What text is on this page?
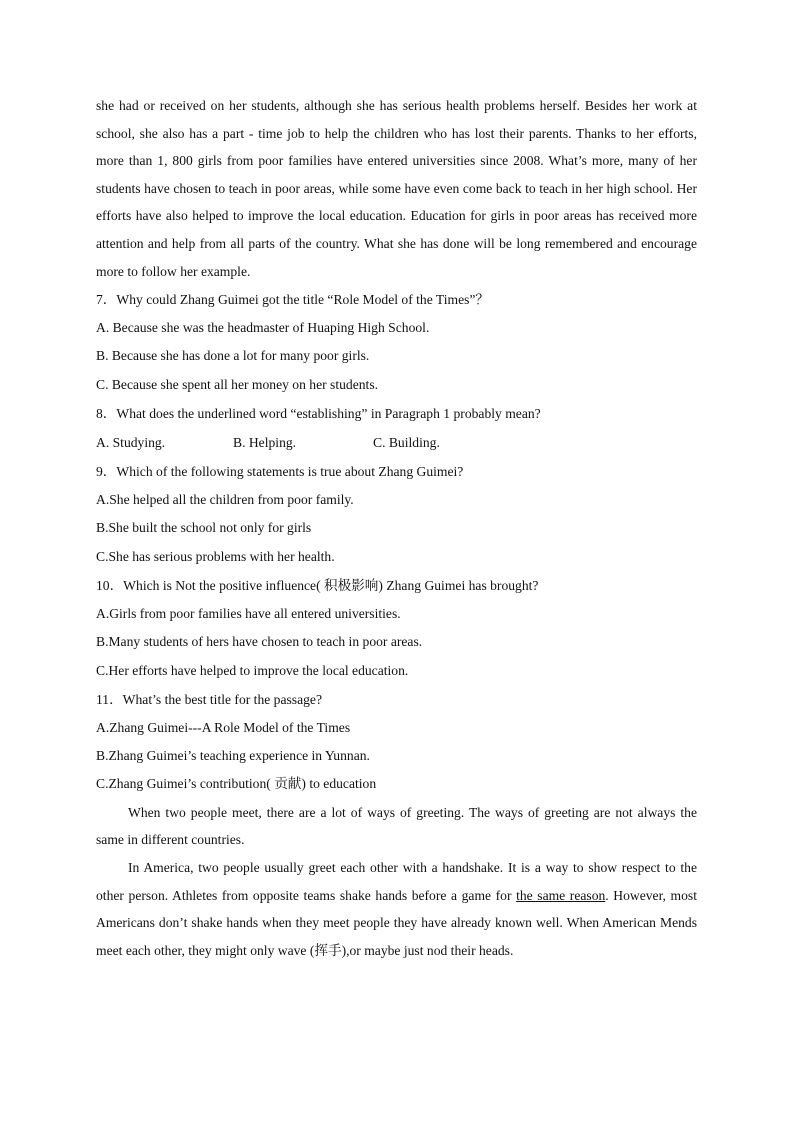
she had or received on her students, although she has serious health problems herself. Besides her work at school, she also has a part - time job to help the children who has lost their parents. Thanks to her efforts, more than 1, 800 girls from poor families have entered universities since 2008. What’s more, many of her students have chosen to teach in poor areas, while some have even come back to teach in her high school. Her efforts have also helped to improve the local education. Education for girls in poor areas has received more attention and help from all parts of the country. What she has done will be long remembered and encourage more to follow her example.

7．Why could Zhang Guimei got the title “Role Model of the Times”？

A. Because she was the headmaster of Huaping High School.

B. Because she has done a lot for many poor girls.

C. Because she spent all her money on her students.

8．What does the underlined word “establishing” in Paragraph 1 probably mean?

A. Studying.	B. Helping.	C. Building.

9．Which of the following statements is true about Zhang Guimei?

A.She helped all the children from poor family.

B.She built the school not only for girls

C.She has serious problems with her health.

10．Which is Not the positive influence( 积极影响) Zhang Guimei has brought?

A.Girls from poor families have all entered universities.

B.Many students of hers have chosen to teach in poor areas.

C.Her efforts have helped to improve the local education.

11．What’s the best title for the passage?

A.Zhang Guimei---A Role Model of the Times

B.Zhang Guimei’s teaching experience in Yunnan.

C.Zhang Guimei’s contribution( 贡献) to education

When two people meet, there are a lot of ways of greeting. The ways of greeting are not always the same in different countries.

In America, two people usually greet each other with a handshake. It is a way to show respect to the other person. Athletes from opposite teams shake hands before a game for the same reason. However, most Americans don’t shake hands when they meet people they have already known well. When American Mends meet each other, they might only wave (挥手),or maybe just nod their heads.
